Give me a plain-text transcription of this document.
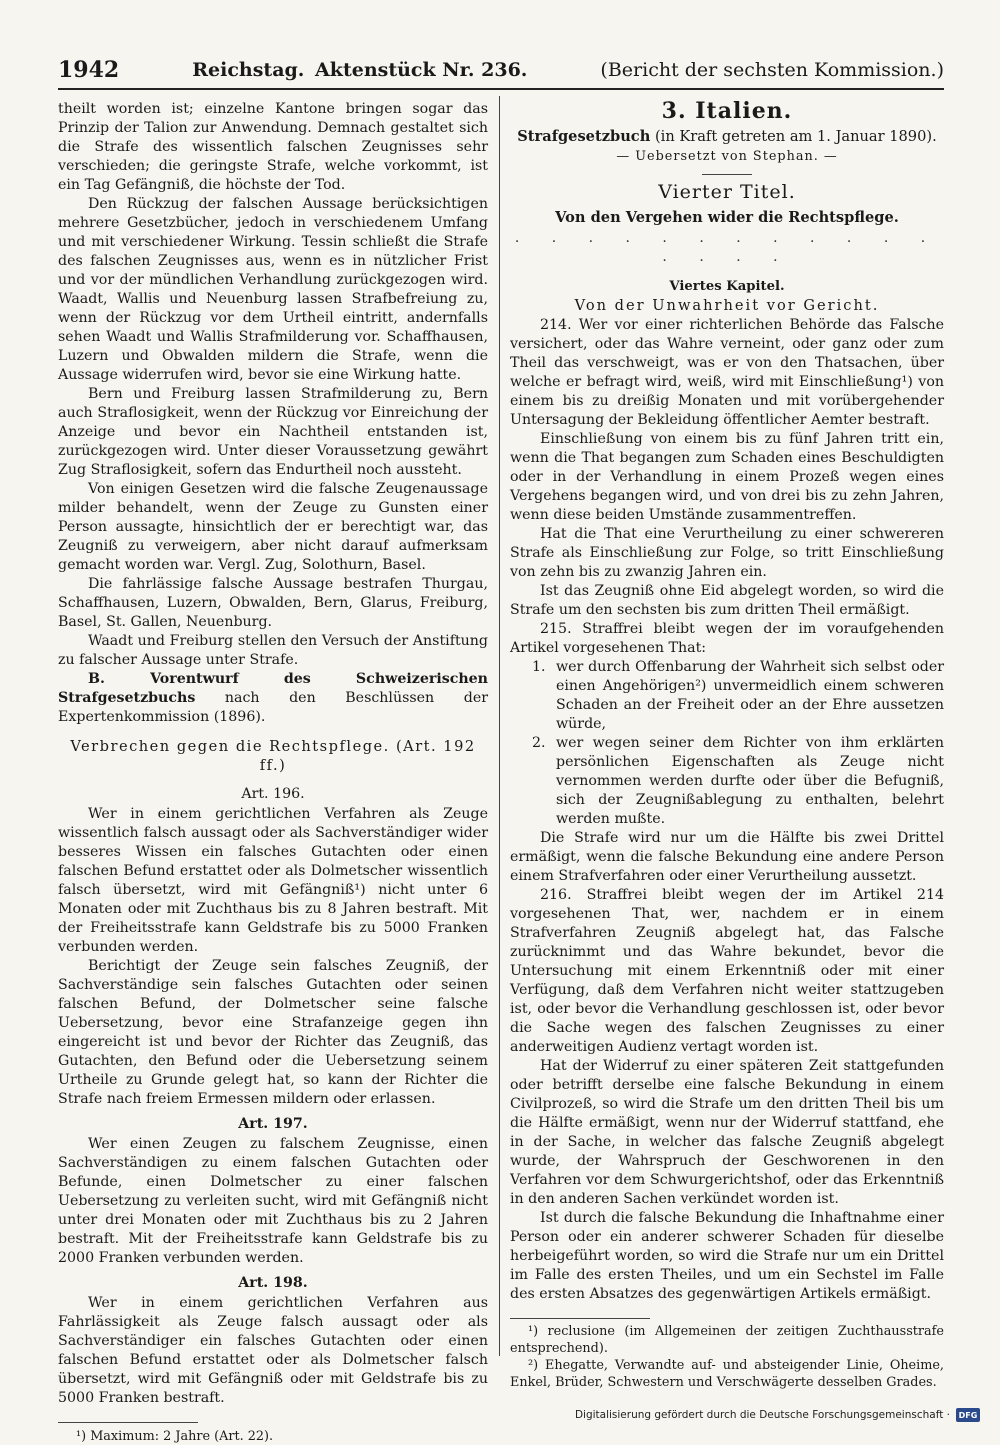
1942	Reichstag. Aktenstück Nr. 236.	(Bericht der sechsten Kommission.)

theilt worden ist; einzelne Kantone bringen sogar das Prinzip der Talion zur Anwendung. Demnach gestaltet sich die Strafe des wissentlich falschen Zeugnisses sehr verschieden; die geringste Strafe, welche vorkommt, ist ein Tag Gefängniß, die höchste der Tod.

Den Rückzug der falschen Aussage berücksichtigen mehrere Gesetzbücher, jedoch in verschiedenem Umfang und mit verschiedener Wirkung. Tessin schließt die Strafe des falschen Zeugnisses aus, wenn es in nützlicher Frist und vor der mündlichen Verhandlung zurückgezogen wird. Waadt, Wallis und Neuenburg lassen Strafbefreiung zu, wenn der Rückzug vor dem Urtheil eintritt, andernfalls sehen Waadt und Wallis Strafmilderung vor. Schaffhausen, Luzern und Obwalden mildern die Strafe, wenn die Aussage widerrufen wird, bevor sie eine Wirkung hatte.

Bern und Freiburg lassen Strafmilderung zu, Bern auch Straflosigkeit, wenn der Rückzug vor Einreichung der Anzeige und bevor ein Nachtheil entstanden ist, zurückgezogen wird. Unter dieser Voraussetzung gewährt Zug Straflosigkeit, sofern das Endurtheil noch aussteht.

Von einigen Gesetzen wird die falsche Zeugenaussage milder behandelt, wenn der Zeuge zu Gunsten einer Person aussagte, hinsichtlich der er berechtigt war, das Zeugniß zu verweigern, aber nicht darauf aufmerksam gemacht worden war. Vergl. Zug, Solothurn, Basel.

Die fahrlässige falsche Aussage bestrafen Thurgau, Schaffhausen, Luzern, Obwalden, Bern, Glarus, Freiburg, Basel, St. Gallen, Neuenburg.

Waadt und Freiburg stellen den Versuch der Anstiftung zu falscher Aussage unter Strafe.

B. Vorentwurf des Schweizerischen Strafgesetzbuchs nach den Beschlüssen der Expertenkommission (1896).

Verbrechen gegen die Rechtspflege. (Art. 192 ff.)
Art. 196.

Wer in einem gerichtlichen Verfahren als Zeuge wissentlich falsch aussagt oder als Sachverständiger wider besseres Wissen ein falsches Gutachten oder einen falschen Befund erstattet oder als Dolmetscher wissentlich falsch übersetzt, wird mit Gefängniß¹) nicht unter 6 Monaten oder mit Zuchthaus bis zu 8 Jahren bestraft. Mit der Freiheitsstrafe kann Geldstrafe bis zu 5000 Franken verbunden werden.

Berichtigt der Zeuge sein falsches Zeugniß, der Sachverständige sein falsches Gutachten oder seinen falschen Befund, der Dolmetscher seine falsche Uebersetzung, bevor eine Strafanzeige gegen ihn eingereicht ist und bevor der Richter das Zeugniß, das Gutachten, den Befund oder die Uebersetzung seinem Urtheile zu Grunde gelegt hat, so kann der Richter die Strafe nach freiem Ermessen mildern oder erlassen.

Art. 197.

Wer einen Zeugen zu falschem Zeugnisse, einen Sachverständigen zu einem falschen Gutachten oder Befunde, einen Dolmetscher zu einer falschen Uebersetzung zu verleiten sucht, wird mit Gefängniß nicht unter drei Monaten oder mit Zuchthaus bis zu 2 Jahren bestraft. Mit der Freiheitsstrafe kann Geldstrafe bis zu 2000 Franken verbunden werden.

Art. 198.

Wer in einem gerichtlichen Verfahren aus Fahrlässigkeit als Zeuge falsch aussagt oder als Sachverständiger ein falsches Gutachten oder einen falschen Befund erstattet oder als Dolmetscher falsch übersetzt, wird mit Gefängniß oder mit Geldstrafe bis zu 5000 Franken bestraft.

¹) Maximum: 2 Jahre (Art. 22).

3. Italien.
Strafgesetzbuch (in Kraft getreten am 1. Januar 1890).
— Uebersetzt von Stephan. —
Vierter Titel.
Von den Vergehen wider die Rechtspflege.
· · · · · · · · · · · · · · · ·
Viertes Kapitel.
Von der Unwahrheit vor Gericht.

214. Wer vor einer richterlichen Behörde das Falsche versichert, oder das Wahre verneint, oder ganz oder zum Theil das verschweigt, was er von den Thatsachen, über welche er befragt wird, weiß, wird mit Einschließung¹) von einem bis zu dreißig Monaten und mit vorübergehender Untersagung der Bekleidung öffentlicher Aemter bestraft.

Einschließung von einem bis zu fünf Jahren tritt ein, wenn die That begangen zum Schaden eines Beschuldigten oder in der Verhandlung in einem Prozeß wegen eines Vergehens begangen wird, und von drei bis zu zehn Jahren, wenn diese beiden Umstände zusammentreffen.

Hat die That eine Verurtheilung zu einer schwereren Strafe als Einschließung zur Folge, so tritt Einschließung von zehn bis zu zwanzig Jahren ein.

Ist das Zeugniß ohne Eid abgelegt worden, so wird die Strafe um den sechsten bis zum dritten Theil ermäßigt.

215. Straffrei bleibt wegen der im voraufgehenden Artikel vorgesehenen That:

1. wer durch Offenbarung der Wahrheit sich selbst oder einen Angehörigen²) unvermeidlich einem schweren Schaden an der Freiheit oder an der Ehre aussetzen würde,
2. wer wegen seiner dem Richter von ihm erklärten persönlichen Eigenschaften als Zeuge nicht vernommen werden durfte oder über die Befugniß, sich der Zeugnißablegung zu enthalten, belehrt werden mußte.

Die Strafe wird nur um die Hälfte bis zwei Drittel ermäßigt, wenn die falsche Bekundung eine andere Person einem Strafverfahren oder einer Verurtheilung aussetzt.

216. Straffrei bleibt wegen der im Artikel 214 vorgesehenen That, wer, nachdem er in einem Strafverfahren Zeugniß abgelegt hat, das Falsche zurücknimmt und das Wahre bekundet, bevor die Untersuchung mit einem Erkenntniß oder mit einer Verfügung, daß dem Verfahren nicht weiter stattzugeben ist, oder bevor die Verhandlung geschlossen ist, oder bevor die Sache wegen des falschen Zeugnisses zu einer anderweitigen Audienz vertagt worden ist.

Hat der Widerruf zu einer späteren Zeit stattgefunden oder betrifft derselbe eine falsche Bekundung in einem Civilprozeß, so wird die Strafe um den dritten Theil bis um die Hälfte ermäßigt, wenn nur der Widerruf stattfand, ehe in der Sache, in welcher das falsche Zeugniß abgelegt wurde, der Wahrspruch der Geschworenen in den Verfahren vor dem Schwurgerichtshof, oder das Erkenntniß in den anderen Sachen verkündet worden ist.

Ist durch die falsche Bekundung die Inhaftnahme einer Person oder ein anderer schwerer Schaden für dieselbe herbeigeführt worden, so wird die Strafe nur um ein Drittel im Falle des ersten Theiles, und um ein Sechstel im Falle des ersten Absatzes des gegenwärtigen Artikels ermäßigt.

¹) reclusione (im Allgemeinen der zeitigen Zuchthausstrafe entsprechend).

²) Ehegatte, Verwandte auf- und absteigender Linie, Oheime, Enkel, Brüder, Schwestern und Verschwägerte desselben Grades.

Digitalisierung gefördert durch die Deutsche Forschungsgemeinschaft ·	DFG
